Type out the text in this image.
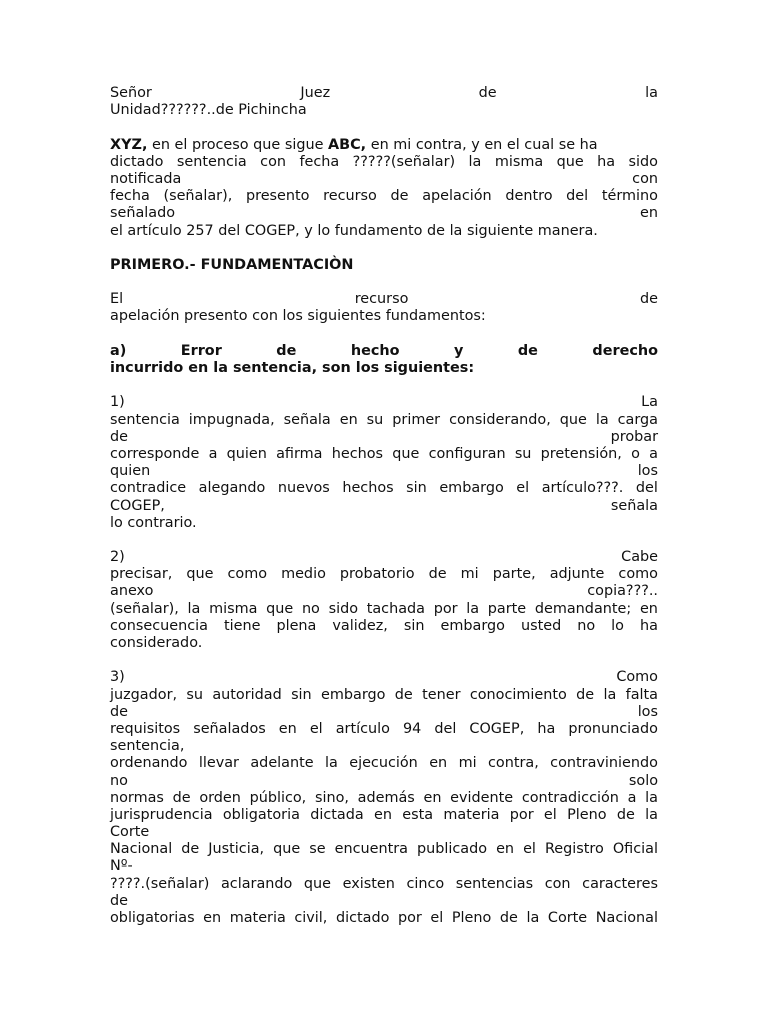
Señor	Juez	de	la
Unidad??????..de Pichincha
XYZ, en el proceso que sigue ABC, en mi contra, y en el cual se ha
dictado sentencia con fecha ?????(señalar) la misma que ha sido
notificada	con
fecha (señalar), presento recurso de apelación dentro del término
señalado	en
el artículo 257 del COGEP, y lo fundamento de la siguiente manera.
PRIMERO.- FUNDAMENTACIÒN
El	recurso	de
apelación presento con los siguientes fundamentos:
a)	Error	de	hecho	y	de	derecho
incurrido en la sentencia, son los siguientes:
1)	La
sentencia impugnada, señala en su primer considerando, que la carga
de	probar
corresponde a quien afirma hechos que configuran su pretensión, o a
quien	los
contradice alegando nuevos hechos sin embargo el artículo???. del
COGEP,	señala
lo contrario.
2)	Cabe
precisar, que como medio probatorio de mi parte, adjunte como
anexo	copia???..
(señalar), la misma que no sido tachada por la parte demandante; en
consecuencia tiene plena validez, sin embargo usted no lo ha
considerado.
3)	Como
juzgador, su autoridad sin embargo de tener conocimiento de la falta
de	los
requisitos señalados en el artículo 94 del COGEP, ha pronunciado
sentencia,
ordenando llevar adelante la ejecución en mi contra, contraviniendo
no	solo
normas de orden público, sino, además en evidente contradicción a la
jurisprudencia obligatoria dictada en esta materia por el Pleno de la
Corte
Nacional de Justicia, que se encuentra publicado en el Registro Oficial
Nº-
????.(señalar) aclarando que existen cinco sentencias con caracteres
de
obligatorias en materia civil, dictado por el Pleno de la Corte Nacional
